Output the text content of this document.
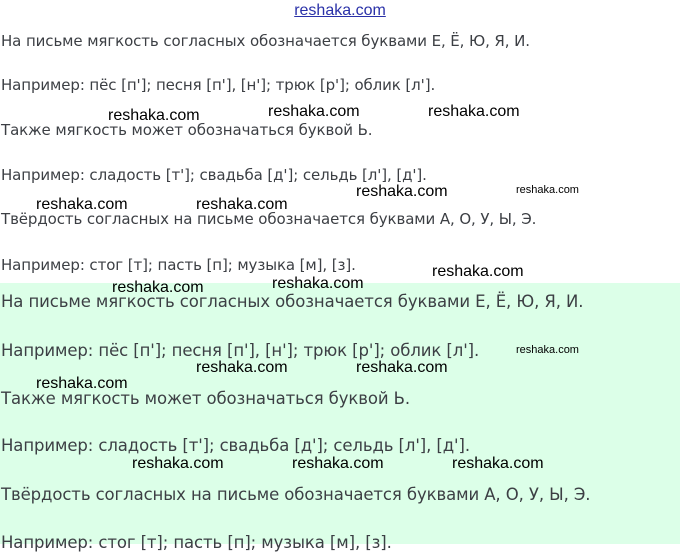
reshaka.com
На письме мягкость согласных обозначается буквами Е, Ё, Ю, Я, И.
Например: пёс [п']; песня [п'], [н']; трюк [р']; облик [л'].
Также мягкость может обозначаться буквой Ь.
Например: сладость [т']; свадьба [д']; сельдь [л'], [д'].
Твёрдость согласных на письме обозначается буквами А, О, У, Ы, Э.
Например: стог [т]; пасть [п]; музыка [м], [з].
На письме мягкость согласных обозначается буквами Е, Ё, Ю, Я, И.
Например: пёс [п']; песня [п'], [н']; трюк [р']; облик [л'].
Также мягкость может обозначаться буквой Ь.
Например: сладость [т']; свадьба [д']; сельдь [л'], [д'].
Твёрдость согласных на письме обозначается буквами А, О, У, Ы, Э.
Например: стог [т]; пасть [п]; музыка [м], [з].
reshaka.com	reshaka.com	reshaka.com
reshaka.com	reshaka.com
reshaka.com	reshaka.com
reshaka.com
reshaka.com
reshaka.com
reshaka.com
reshaka.com	reshaka.com
reshaka.com
reshaka.com	reshaka.com	reshaka.com
